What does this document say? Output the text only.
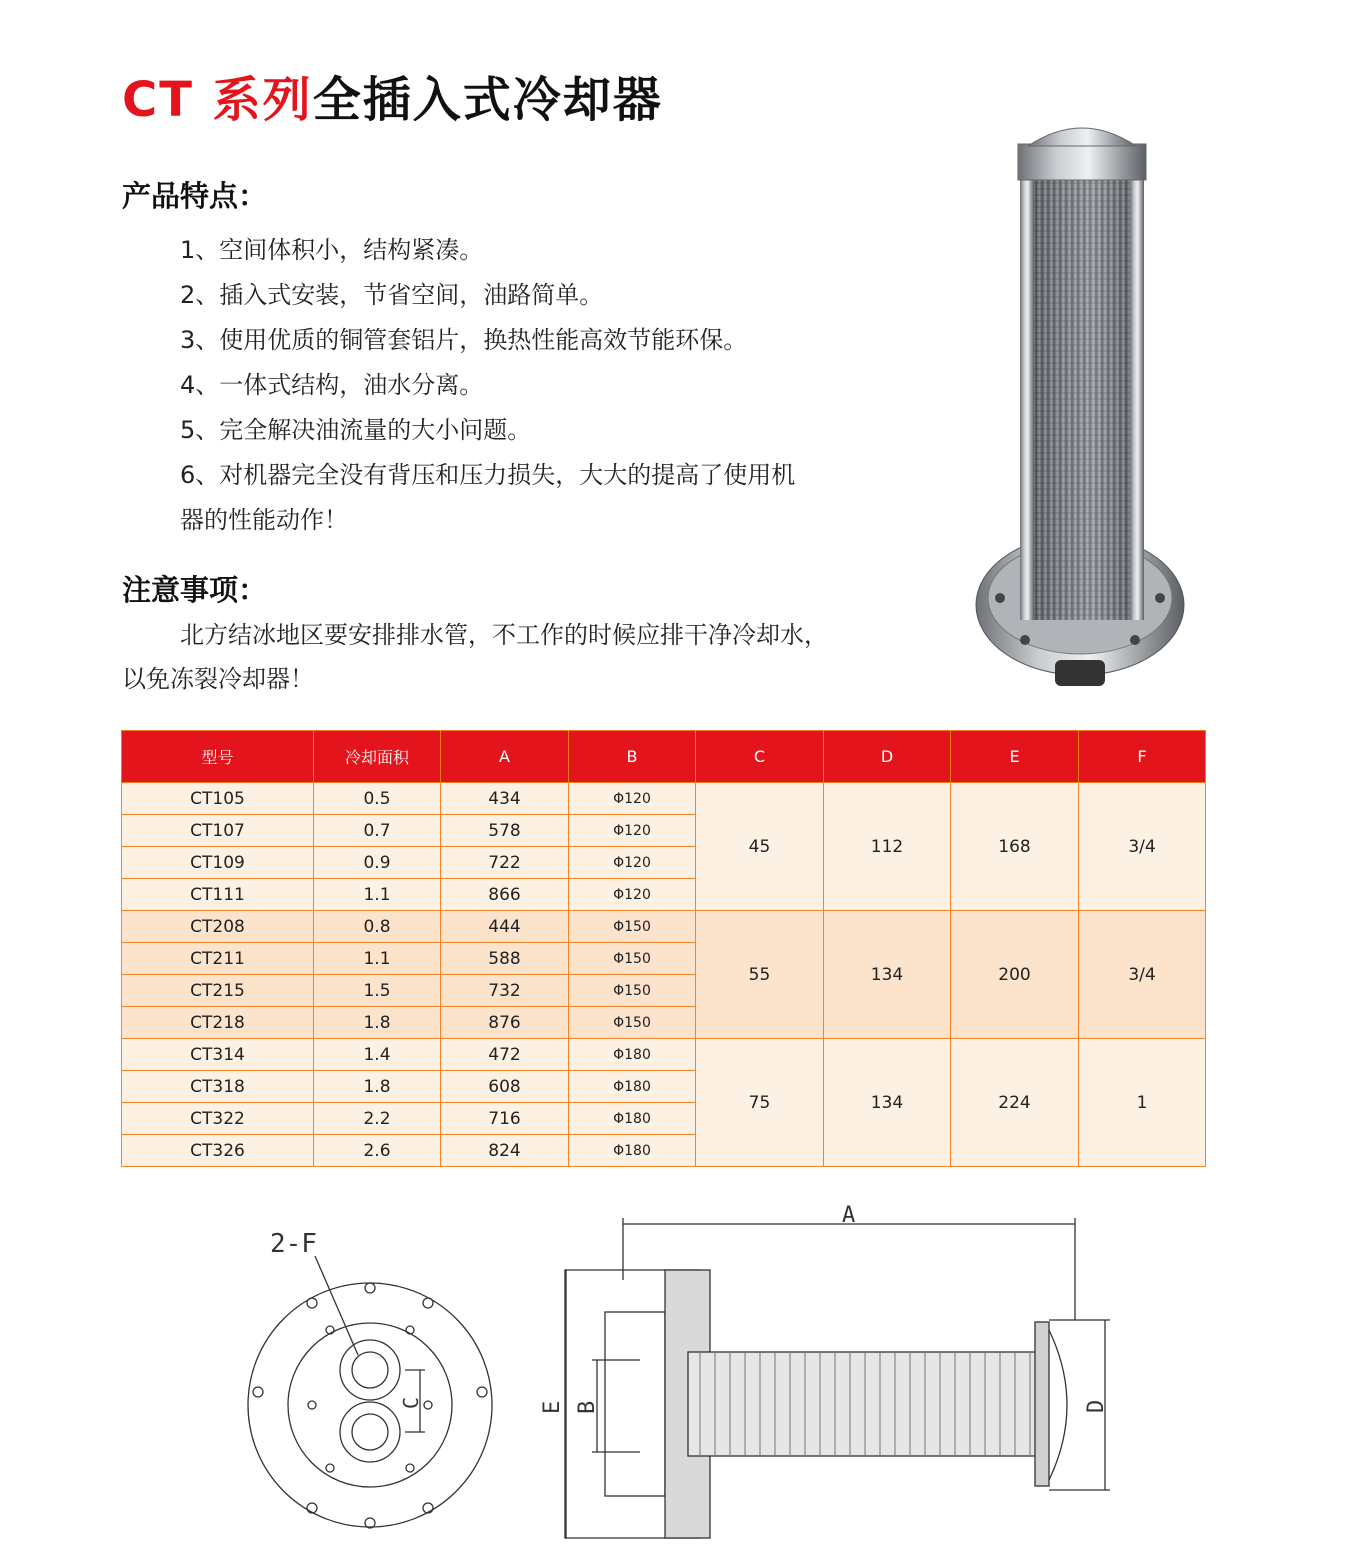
CT 系列全插入式冷却器
产品特点：
1、空间体积小，结构紧凑。
2、插入式安装，节省空间，油路简单。
3、使用优质的铜管套铝片，换热性能高效节能环保。
4、一体式结构，油水分离。
5、完全解决油流量的大小问题。
6、对机器完全没有背压和压力损失，大大的提高了使用机
器的性能动作！
注意事项：
北方结冰地区要安排排水管，不工作的时候应排干净冷却水，
以免冻裂冷却器！
型号	冷却面积	A	B	C	D	E	F
CT105	0.5	434	Φ120	45	112	168	3/4
CT107	0.7	578	Φ120				
CT109	0.9	722	Φ120				
CT111	1.1	866	Φ120				
CT208	0.8	444	Φ150	55	134	200	3/4
CT211	1.1	588	Φ150				
CT215	1.5	732	Φ150				
CT218	1.8	876	Φ150				
CT314	1.4	472	Φ180	75	134	224	1
CT318	1.8	608	Φ180				
CT322	2.2	716	Φ180				
CT326	2.6	824	Φ180				
2-F
C
A
B
E	D
